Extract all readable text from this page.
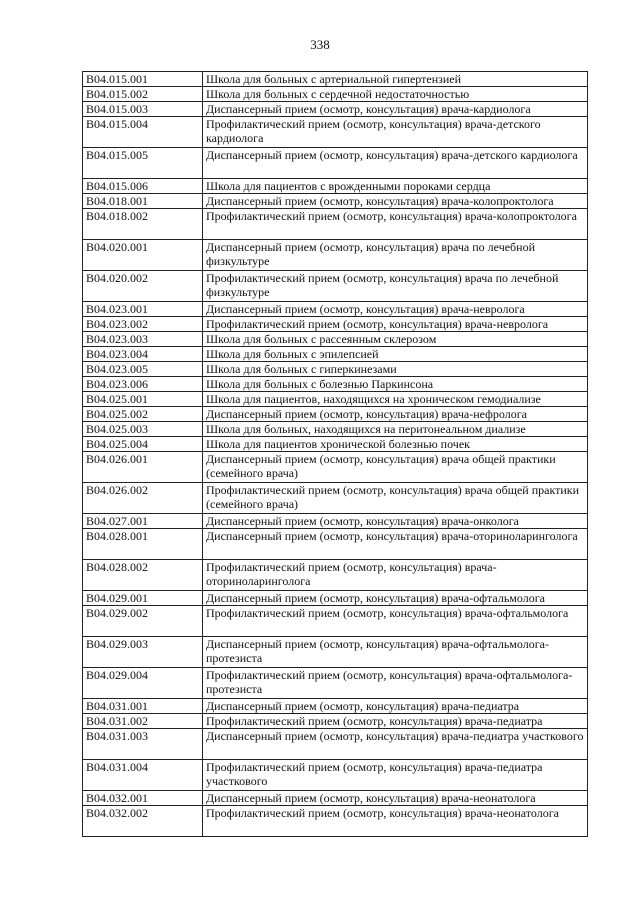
338
B04.015.001	Школа для больных с артериальной гипертензией
B04.015.002	Школа для больных с сердечной недостаточностью
B04.015.003	Диспансерный прием (осмотр, консультация) врача-кардиолога
B04.015.004	Профилактический прием (осмотр, консультация) врача-детского кардиолога
B04.015.005	Диспансерный прием (осмотр, консультация) врача-детского кардиолога
B04.015.006	Школа для пациентов с врожденными пороками сердца
B04.018.001	Диспансерный прием (осмотр, консультация) врача-колопроктолога
B04.018.002	Профилактический прием (осмотр, консультация) врача-колопроктолога
B04.020.001	Диспансерный прием (осмотр, консультация) врача по лечебной физкультуре
B04.020.002	Профилактический прием (осмотр, консультация) врача по лечебной физкультуре
B04.023.001	Диспансерный прием (осмотр, консультация) врача-невролога
B04.023.002	Профилактический прием (осмотр, консультация) врача-невролога
B04.023.003	Школа для больных с рассеянным склерозом
B04.023.004	Школа для больных с эпилепсией
B04.023.005	Школа для больных с гиперкинезами
B04.023.006	Школа для больных с болезнью Паркинсона
B04.025.001	Школа для пациентов, находящихся на хроническом гемодиализе
B04.025.002	Диспансерный прием (осмотр, консультация) врача-нефролога
B04.025.003	Школа для больных, находящихся на перитонеальном диализе
B04.025.004	Школа для пациентов хронической болезнью почек
B04.026.001	Диспансерный прием (осмотр, консультация) врача общей практики (семейного врача)
B04.026.002	Профилактический прием (осмотр, консультация) врача общей практики (семейного врача)
B04.027.001	Диспансерный прием (осмотр, консультация) врача-онколога
B04.028.001	Диспансерный прием (осмотр, консультация) врача-оториноларинголога
B04.028.002	Профилактический прием (осмотр, консультация) врача-оториноларинголога
B04.029.001	Диспансерный прием (осмотр, консультация) врача-офтальмолога
B04.029.002	Профилактический прием (осмотр, консультация) врача-офтальмолога
B04.029.003	Диспансерный прием (осмотр, консультация) врача-офтальмолога-протезиста
B04.029.004	Профилактический прием (осмотр, консультация) врача-офтальмолога-протезиста
B04.031.001	Диспансерный прием (осмотр, консультация) врача-педиатра
B04.031.002	Профилактический прием (осмотр, консультация) врача-педиатра
B04.031.003	Диспансерный прием (осмотр, консультация) врача-педиатра участкового
B04.031.004	Профилактический прием (осмотр, консультация) врача-педиатра участкового
B04.032.001	Диспансерный прием (осмотр, консультация) врача-неонатолога
B04.032.002	Профилактический прием (осмотр, консультация) врача-неонатолога
